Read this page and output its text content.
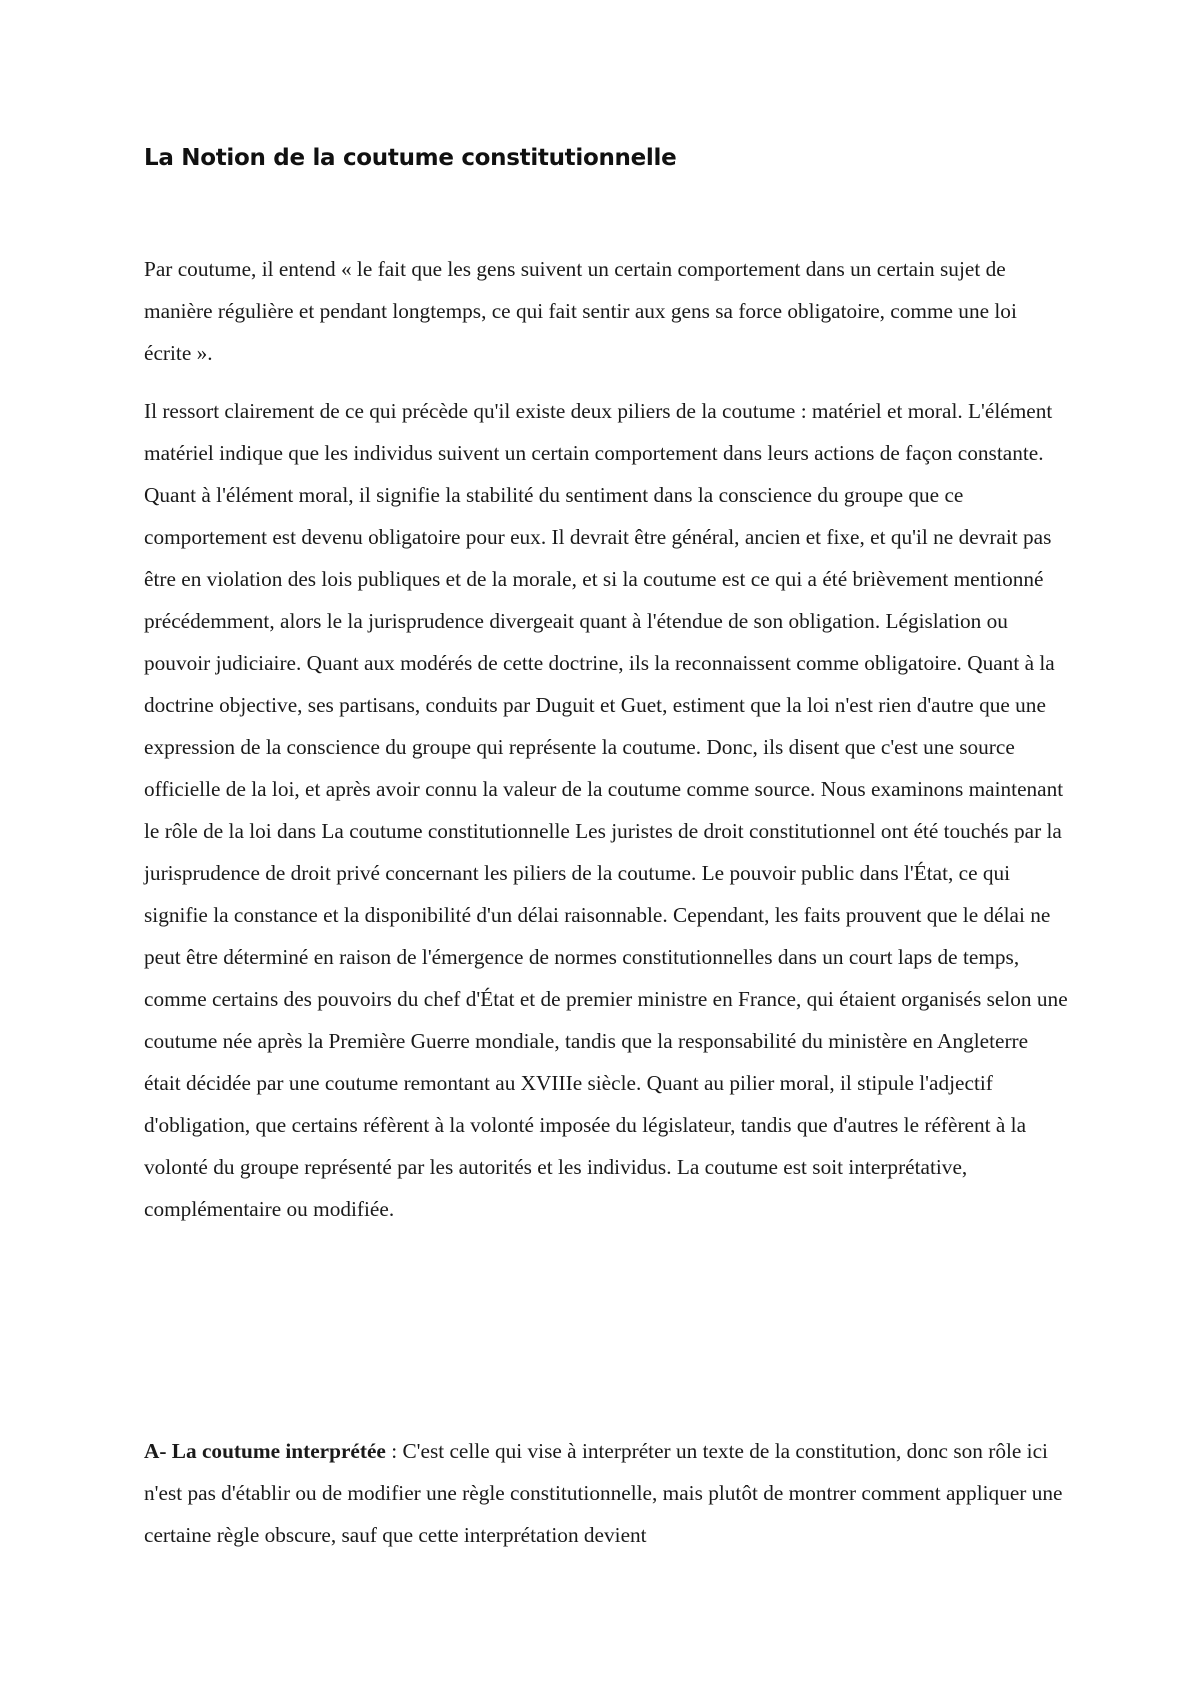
La Notion de la coutume constitutionnelle

Par coutume, il entend « le fait que les gens suivent un certain comportement dans un certain sujet de manière régulière et pendant longtemps, ce qui fait sentir aux gens sa force obligatoire, comme une loi écrite ».

Il ressort clairement de ce qui précède qu'il existe deux piliers de la coutume : matériel et moral. L'élément matériel indique que les individus suivent un certain comportement dans leurs actions de façon constante. Quant à l'élément moral, il signifie la stabilité du sentiment dans la conscience du groupe que ce comportement est devenu obligatoire pour eux. Il devrait être général, ancien et fixe, et qu'il ne devrait pas être en violation des lois publiques et de la morale, et si la coutume est ce qui a été brièvement mentionné précédemment, alors le la jurisprudence divergeait quant à l'étendue de son obligation. Législation ou pouvoir judiciaire. Quant aux modérés de cette doctrine, ils la reconnaissent comme obligatoire. Quant à la doctrine objective, ses partisans, conduits par Duguit et Guet, estiment que la loi n'est rien d'autre que une expression de la conscience du groupe qui représente la coutume. Donc, ils disent que c'est une source officielle de la loi, et après avoir connu la valeur de la coutume comme source. Nous examinons maintenant le rôle de la loi dans La coutume constitutionnelle Les juristes de droit constitutionnel ont été touchés par la jurisprudence de droit privé concernant les piliers de la coutume. Le pouvoir public dans l'État, ce qui signifie la constance et la disponibilité d'un délai raisonnable. Cependant, les faits prouvent que le délai ne peut être déterminé en raison de l'émergence de normes constitutionnelles dans un court laps de temps, comme certains des pouvoirs du chef d'État et de premier ministre en France, qui étaient organisés selon une coutume née après la Première Guerre mondiale, tandis que la responsabilité du ministère en Angleterre était décidée par une coutume remontant au XVIIIe siècle. Quant au pilier moral, il stipule l'adjectif d'obligation, que certains réfèrent à la volonté imposée du législateur, tandis que d'autres le réfèrent à la volonté du groupe représenté par les autorités et les individus. La coutume est soit interprétative, complémentaire ou modifiée.

A- La coutume interprétée : C'est celle qui vise à interpréter un texte de la constitution, donc son rôle ici n'est pas d'établir ou de modifier une règle constitutionnelle, mais plutôt de montrer comment appliquer une certaine règle obscure, sauf que cette interprétation devient
